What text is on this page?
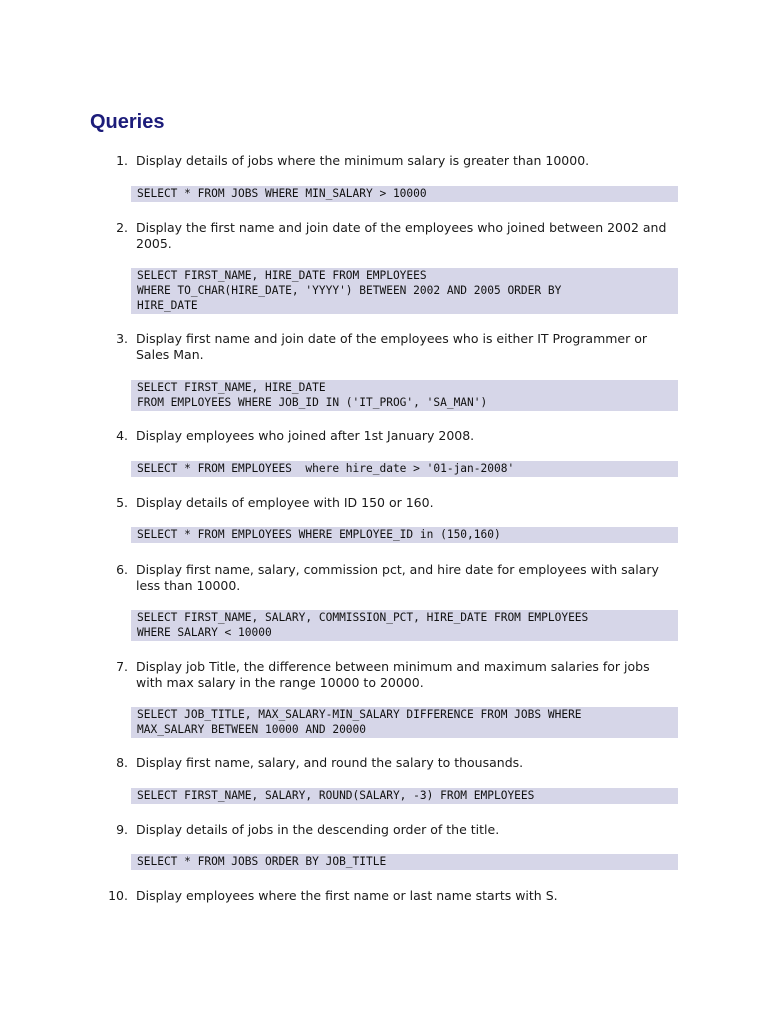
Queries
1. Display details of jobs where the minimum salary is greater than 10000.
SELECT * FROM JOBS WHERE MIN_SALARY > 10000
2. Display the first name and join date of the employees who joined between 2002 and 2005.
SELECT FIRST_NAME, HIRE_DATE FROM EMPLOYEES
WHERE TO_CHAR(HIRE_DATE, 'YYYY') BETWEEN 2002 AND 2005 ORDER BY
HIRE_DATE
3. Display first name and join date of the employees who is either IT Programmer or Sales Man.
SELECT FIRST_NAME, HIRE_DATE
FROM EMPLOYEES WHERE JOB_ID IN ('IT_PROG', 'SA_MAN')
4. Display employees who joined after 1st January 2008.
SELECT * FROM EMPLOYEES  where hire_date > '01-jan-2008'
5. Display details of employee with ID 150 or 160.
SELECT * FROM EMPLOYEES WHERE EMPLOYEE_ID in (150,160)
6. Display first name, salary, commission pct, and hire date for employees with salary less than 10000.
SELECT FIRST_NAME, SALARY, COMMISSION_PCT, HIRE_DATE FROM EMPLOYEES
WHERE SALARY < 10000
7. Display job Title, the difference between minimum and maximum salaries for jobs with max salary in the range 10000 to 20000.
SELECT JOB_TITLE, MAX_SALARY-MIN_SALARY DIFFERENCE FROM JOBS WHERE
MAX_SALARY BETWEEN 10000 AND 20000
8. Display first name, salary, and round the salary to thousands.
SELECT FIRST_NAME, SALARY, ROUND(SALARY, -3) FROM EMPLOYEES
9. Display details of jobs in the descending order of the title.
SELECT * FROM JOBS ORDER BY JOB_TITLE
10. Display employees where the first name or last name starts with S.
